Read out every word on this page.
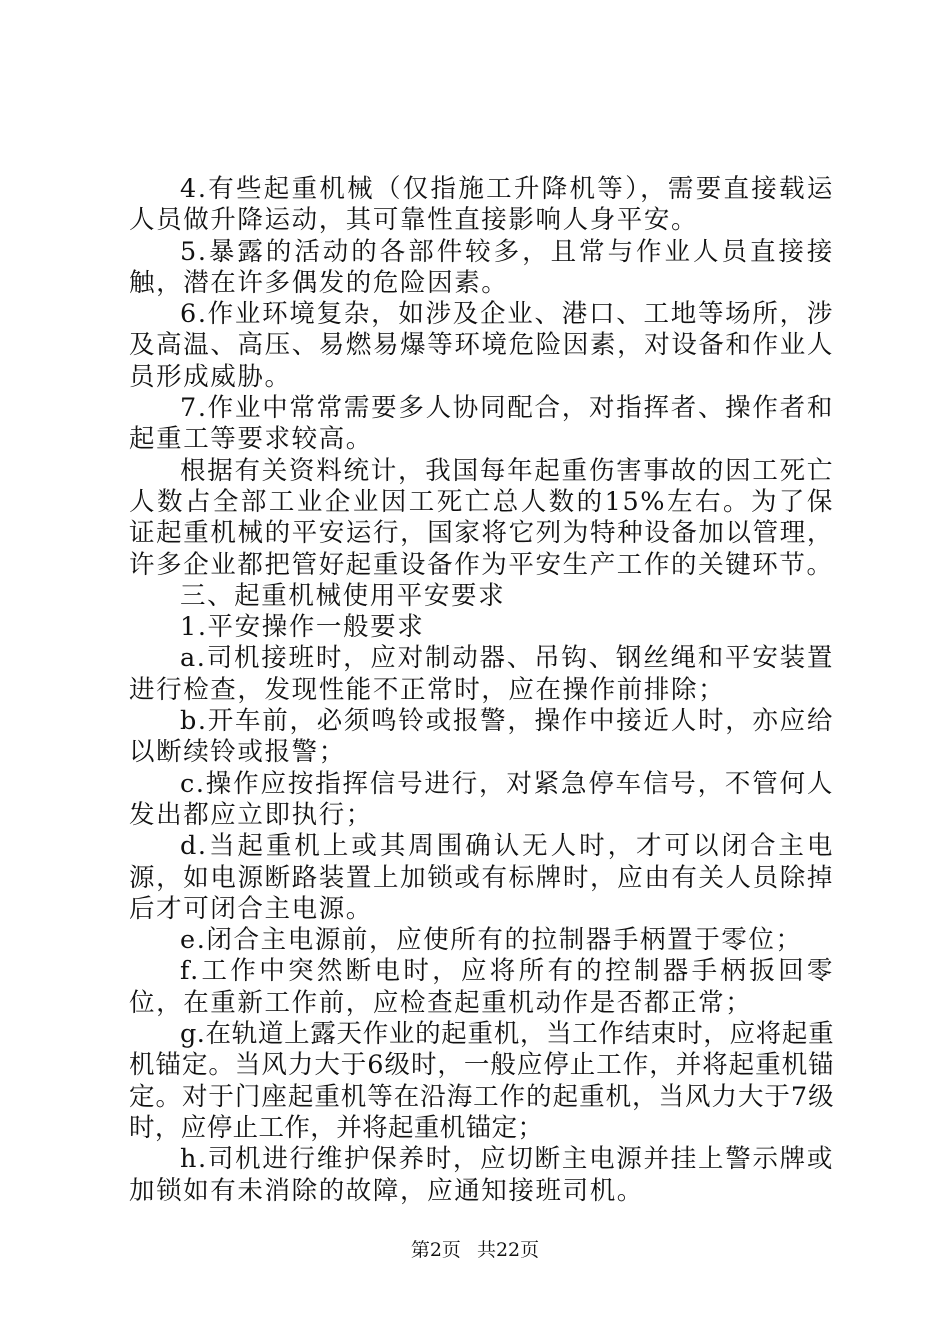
4.有些起重机械（仅指施工升降机等），需要直接载运人员做升降运动，其可靠性直接影响人身平安。

5.暴露的活动的各部件较多，且常与作业人员直接接触，潜在许多偶发的危险因素。

6.作业环境复杂，如涉及企业、港口、工地等场所，涉及高温、高压、易燃易爆等环境危险因素，对设备和作业人员形成威胁。

7.作业中常常需要多人协同配合，对指挥者、操作者和起重工等要求较高。

根据有关资料统计，我国每年起重伤害事故的因工死亡人数占全部工业企业因工死亡总人数的15%左右。为了保证起重机械的平安运行，国家将它列为特种设备加以管理，许多企业都把管好起重设备作为平安生产工作的关键环节。

三、起重机械使用平安要求

1.平安操作一般要求

a.司机接班时，应对制动器、吊钩、钢丝绳和平安装置进行检查，发现性能不正常时，应在操作前排除；

b.开车前，必须鸣铃或报警，操作中接近人时，亦应给以断续铃或报警；

c.操作应按指挥信号进行，对紧急停车信号，不管何人发出都应立即执行；

d.当起重机上或其周围确认无人时，才可以闭合主电源，如电源断路装置上加锁或有标牌时，应由有关人员除掉后才可闭合主电源。

e.闭合主电源前，应使所有的拉制器手柄置于零位；

f.工作中突然断电时，应将所有的控制器手柄扳回零位，在重新工作前，应检查起重机动作是否都正常；

g.在轨道上露天作业的起重机，当工作结束时，应将起重机锚定。当风力大于6级时，一般应停止工作，并将起重机锚定。对于门座起重机等在沿海工作的起重机，当风力大于7级时，应停止工作，并将起重机锚定；

h.司机进行维护保养时，应切断主电源并挂上警示牌或加锁如有未消除的故障，应通知接班司机。

第2页 共22页
